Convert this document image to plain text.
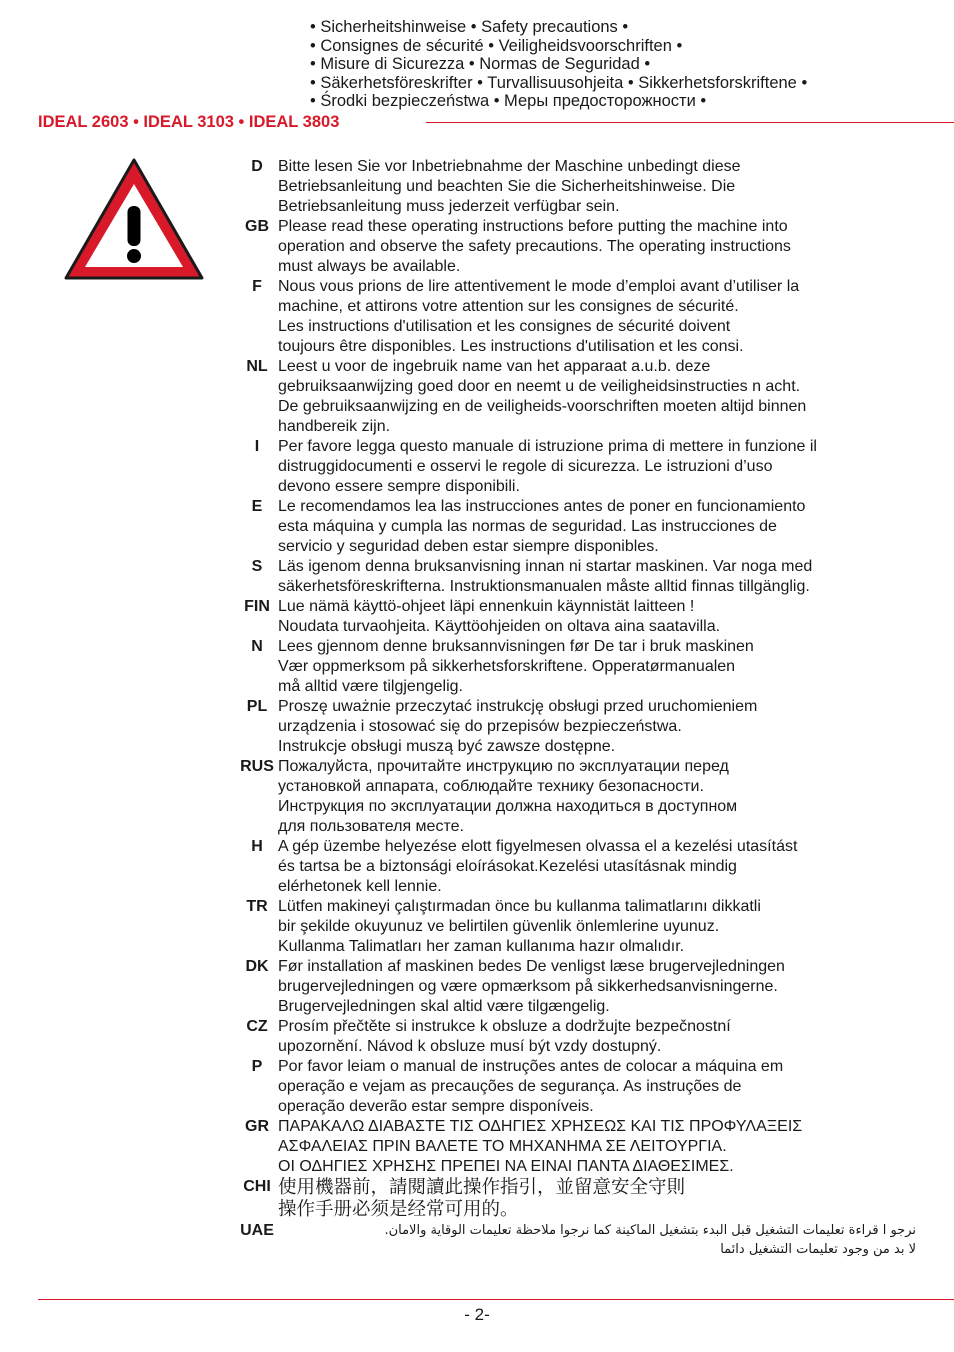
• Sicherheitshinweise • Safety precautions •
• Consignes de sécurité • Veiligheidsvoorschriften •
• Misure di Sicurezza • Normas de Seguridad •
• Säkerhetsföreskrifter • Turvallisuusohjeita • Sikkerhetsforskriftene •
• Środki bezpieczeństwa • Меры предосторожности •
IDEAL 2603 • IDEAL 3103 • IDEAL 3803
D Bitte lesen Sie vor Inbetriebnahme der Maschine unbedingt diese
Betriebsanleitung und beachten Sie die Sicherheitshinweise. Die
Betriebsanleitung muss jederzeit verfügbar sein.
GB Please read these operating instructions before putting the machine into
operation and observe the safety precautions. The operating instructions
must always be available.
F	Nous vous prions de lire attentivement le mode d’emploi avant d’utiliser la
machine, et attirons votre attention sur les consignes de sécurité.
Les instructions d'utilisation et les consignes de sécurité doivent
toujours être disponibles. Les instructions d'utilisation et les consi.
NL Leest u voor de ingebruik name van het apparaat a.u.b. deze
gebruiksaanwijzing goed door en neemt u de veiligheidsinstructies n acht.
De gebruiksaanwijzing en de veiligheids-voorschriften moeten altijd binnen
handbereik zijn.
I	Per favore legga questo manuale di istruzione prima di mettere in funzione il
distruggidocumenti e osservi le regole di sicurezza. Le istruzioni d’uso
devono essere sempre disponibili.
E Le recomendamos lea las instrucciones antes de poner en funcionamiento
esta máquina y cumpla las normas de seguridad. Las instrucciones de
servicio y seguridad deben estar siempre disponibles.
S Läs igenom denna bruksanvisning innan ni startar maskinen. Var noga med
säkerhetsföreskrifterna. Instruktionsmanualen måste alltid finnas tillgänglig.
FIN Lue nämä käyttö-ohjeet läpi ennenkuin käynnistät laitteen !
Noudata turvaohjeita. Käyttöohjeiden on oltava aina saatavilla.
N Lees gjennom denne bruksannvisningen før De tar i bruk maskinen
Vær oppmerksom på sikkerhetsforskriftene. Opperatørmanualen
må alltid være tilgjengelig.
PL Proszę uważnie przeczytać instrukcję obsługi przed uruchomieniem
urządzenia i stosować się do przepisów bezpieczeństwa.
Instrukcje obsługi muszą być zawsze dostępne.
RUS Пожалуйста, прочитайте инструкцию по эксплуатации перед
установкой аппарата, соблюдайте технику безопасности.
Инструкция по эксплуатации должна находиться в доступном
для пользователя месте.
H A gép üzembe helyezése elott figyelmesen olvassa el a kezelési utasítást
és tartsa be a biztonsági eloírásokat.Kezelési utasításnak mindig
elérhetonek kell lennie.
TR Lütfen makineyi çalıştırmadan önce bu kullanma talimatlarını dikkatli
bir şekilde okuyunuz ve belirtilen güvenlik önlemlerine uyunuz.
Kullanma Talimatları her zaman kullanıma hazır olmalıdır.
DK Før installation af maskinen bedes De venligst læse brugervejledningen
brugervejledningen og være opmærksom på sikkerhedsanvisningerne.
Brugervejledningen skal altid være tilgængelig.
CZ Prosím přečtěte si instrukce k obsluze a dodržujte bezpečnostní
upozornění. Návod k obsluze musí být vzdy dostupný.
P Por favor leiam o manual de instruções antes de colocar a máquina em
operação e vejam as precauções de segurança. As instruções de
operação deverão estar sempre disponíveis.
GR ΠΑΡΑΚΑΛΩ ΔΙΑΒΑΣΤΕ ΤΙΣ ΟΔΗΓΙΕΣ ΧΡΗΣΕΩΣ ΚΑΙ ΤΙΣ ΠΡΟΦΥΛΑΞΕΙΣ
ΑΣΦΑΛΕΙΑΣ ΠΡΙΝ ΒΑΛΕΤΕ ΤΟ ΜΗΧΑΝΗΜΑ ΣΕ ΛΕΙΤΟΥΡΓΙΑ.
ΟΙ ΟΔΗΓΙΕΣ ΧΡΗΣΗΣ ΠΡΕΠΕΙ ΝΑ ΕΙΝΑΙ ΠΑΝΤΑ ΔΙΑΘΕΣΙΜΕΣ.
CHI 使用機器前，請閱讀此操作指引，並留意安全守則
操作手册必须是经常可用的。
UAE	نرجو ا قراءة تعليمات التشغيل قبل البدء بتشغيل الماكينة كما نرجوا ملاحظة تعليمات الوقاية والامان.
لا بد من وجود تعليمات التشغيل دائما
- 2-
